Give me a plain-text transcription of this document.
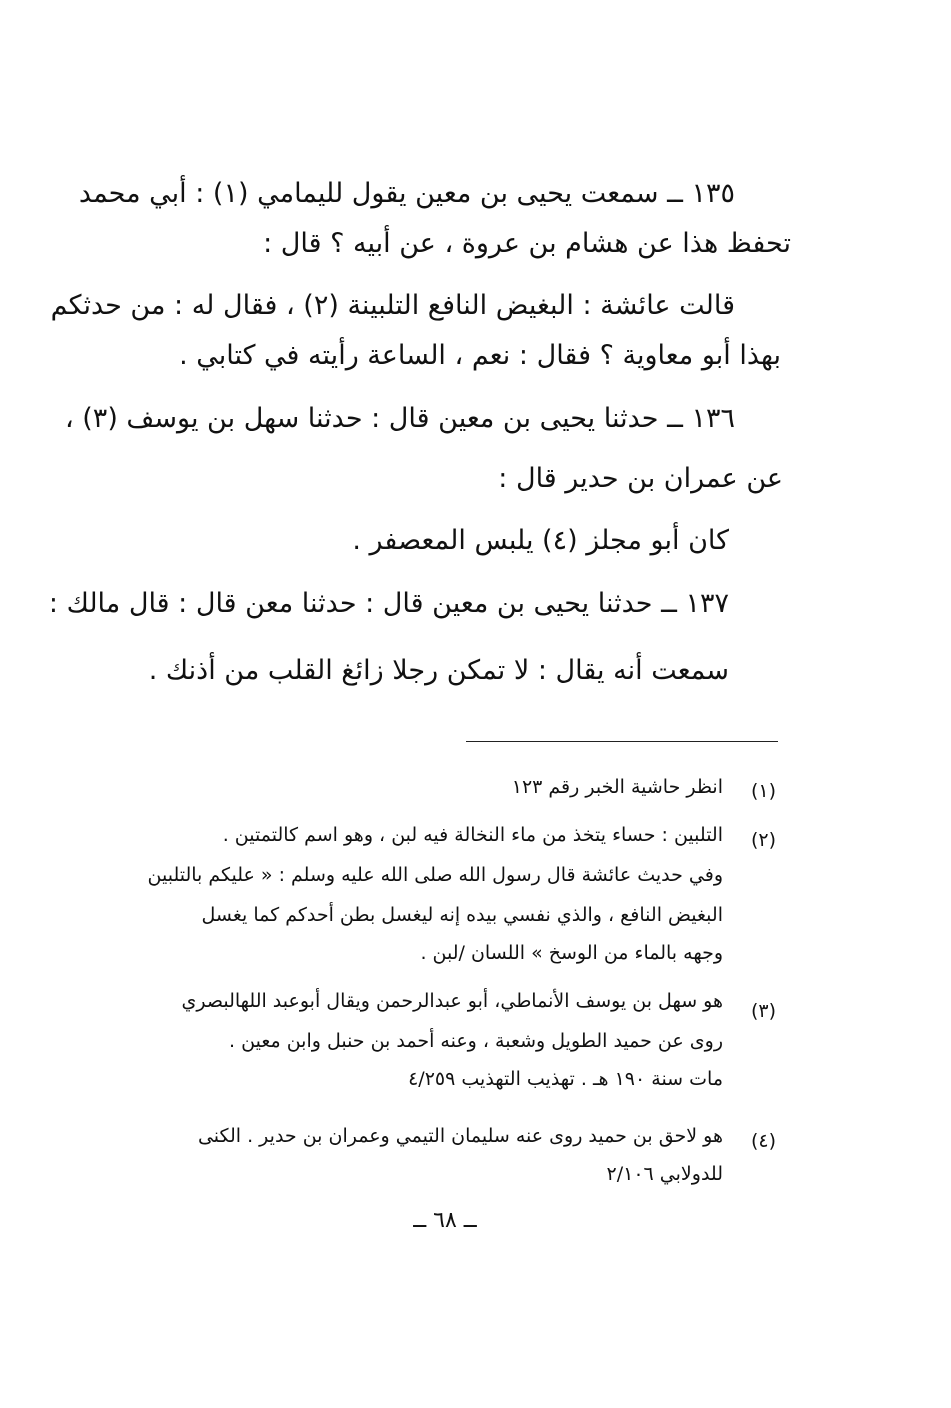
١٣٥ ــ سمعت يحيى بن معين يقول لليمامي (١) : أبي محمد
تحفظ هذا عن هشام بن عروة ، عن أبيه ؟ قال :
قالت عائشة : البغيض النافع التلبينة (٢) ، فقال له : من حدثكم
بهذا أبو معاوية ؟ فقال : نعم ، الساعة رأيته في كتابي .
١٣٦ ــ حدثنا يحيى بن معين قال : حدثنا سهل بن يوسف (٣) ،
عن عمران بن حدير قال :
كان أبو مجلز (٤) يلبس المعصفر .
١٣٧ ــ حدثنا يحيى بن معين قال : حدثنا معن قال : قال مالك :
سمعت أنه يقال : لا تمكن رجلا زائغ القلب من أذنك .
(١)
انظر حاشية الخبر رقم ١٢٣
(٢)
التلبين : حساء يتخذ من ماء النخالة فيه لبن ، وهو اسم كالتمتين .
وفي حديث عائشة قال رسول الله صلى الله عليه وسلم : « عليكم بالتلبين
البغيض النافع ، والذي نفسي بيده إنه ليغسل بطن أحدكم كما يغسل
وجهه بالماء من الوسخ » اللسان /لبن .
(٣)
هو سهل بن يوسف الأنماطي، أبو عبدالرحمن ويقال أبوعبد اللهالبصري
روى عن حميد الطويل وشعبة ، وعنه أحمد بن حنبل وابن معين .
مات سنة ١٩٠ هـ . تهذيب التهذيب ٤/٢٥٩
(٤)
هو لاحق بن حميد روى عنه سليمان التيمي وعمران بن حدير . الكنى
للدولابي ٢/١٠٦
ــ ٦٨ ــ
